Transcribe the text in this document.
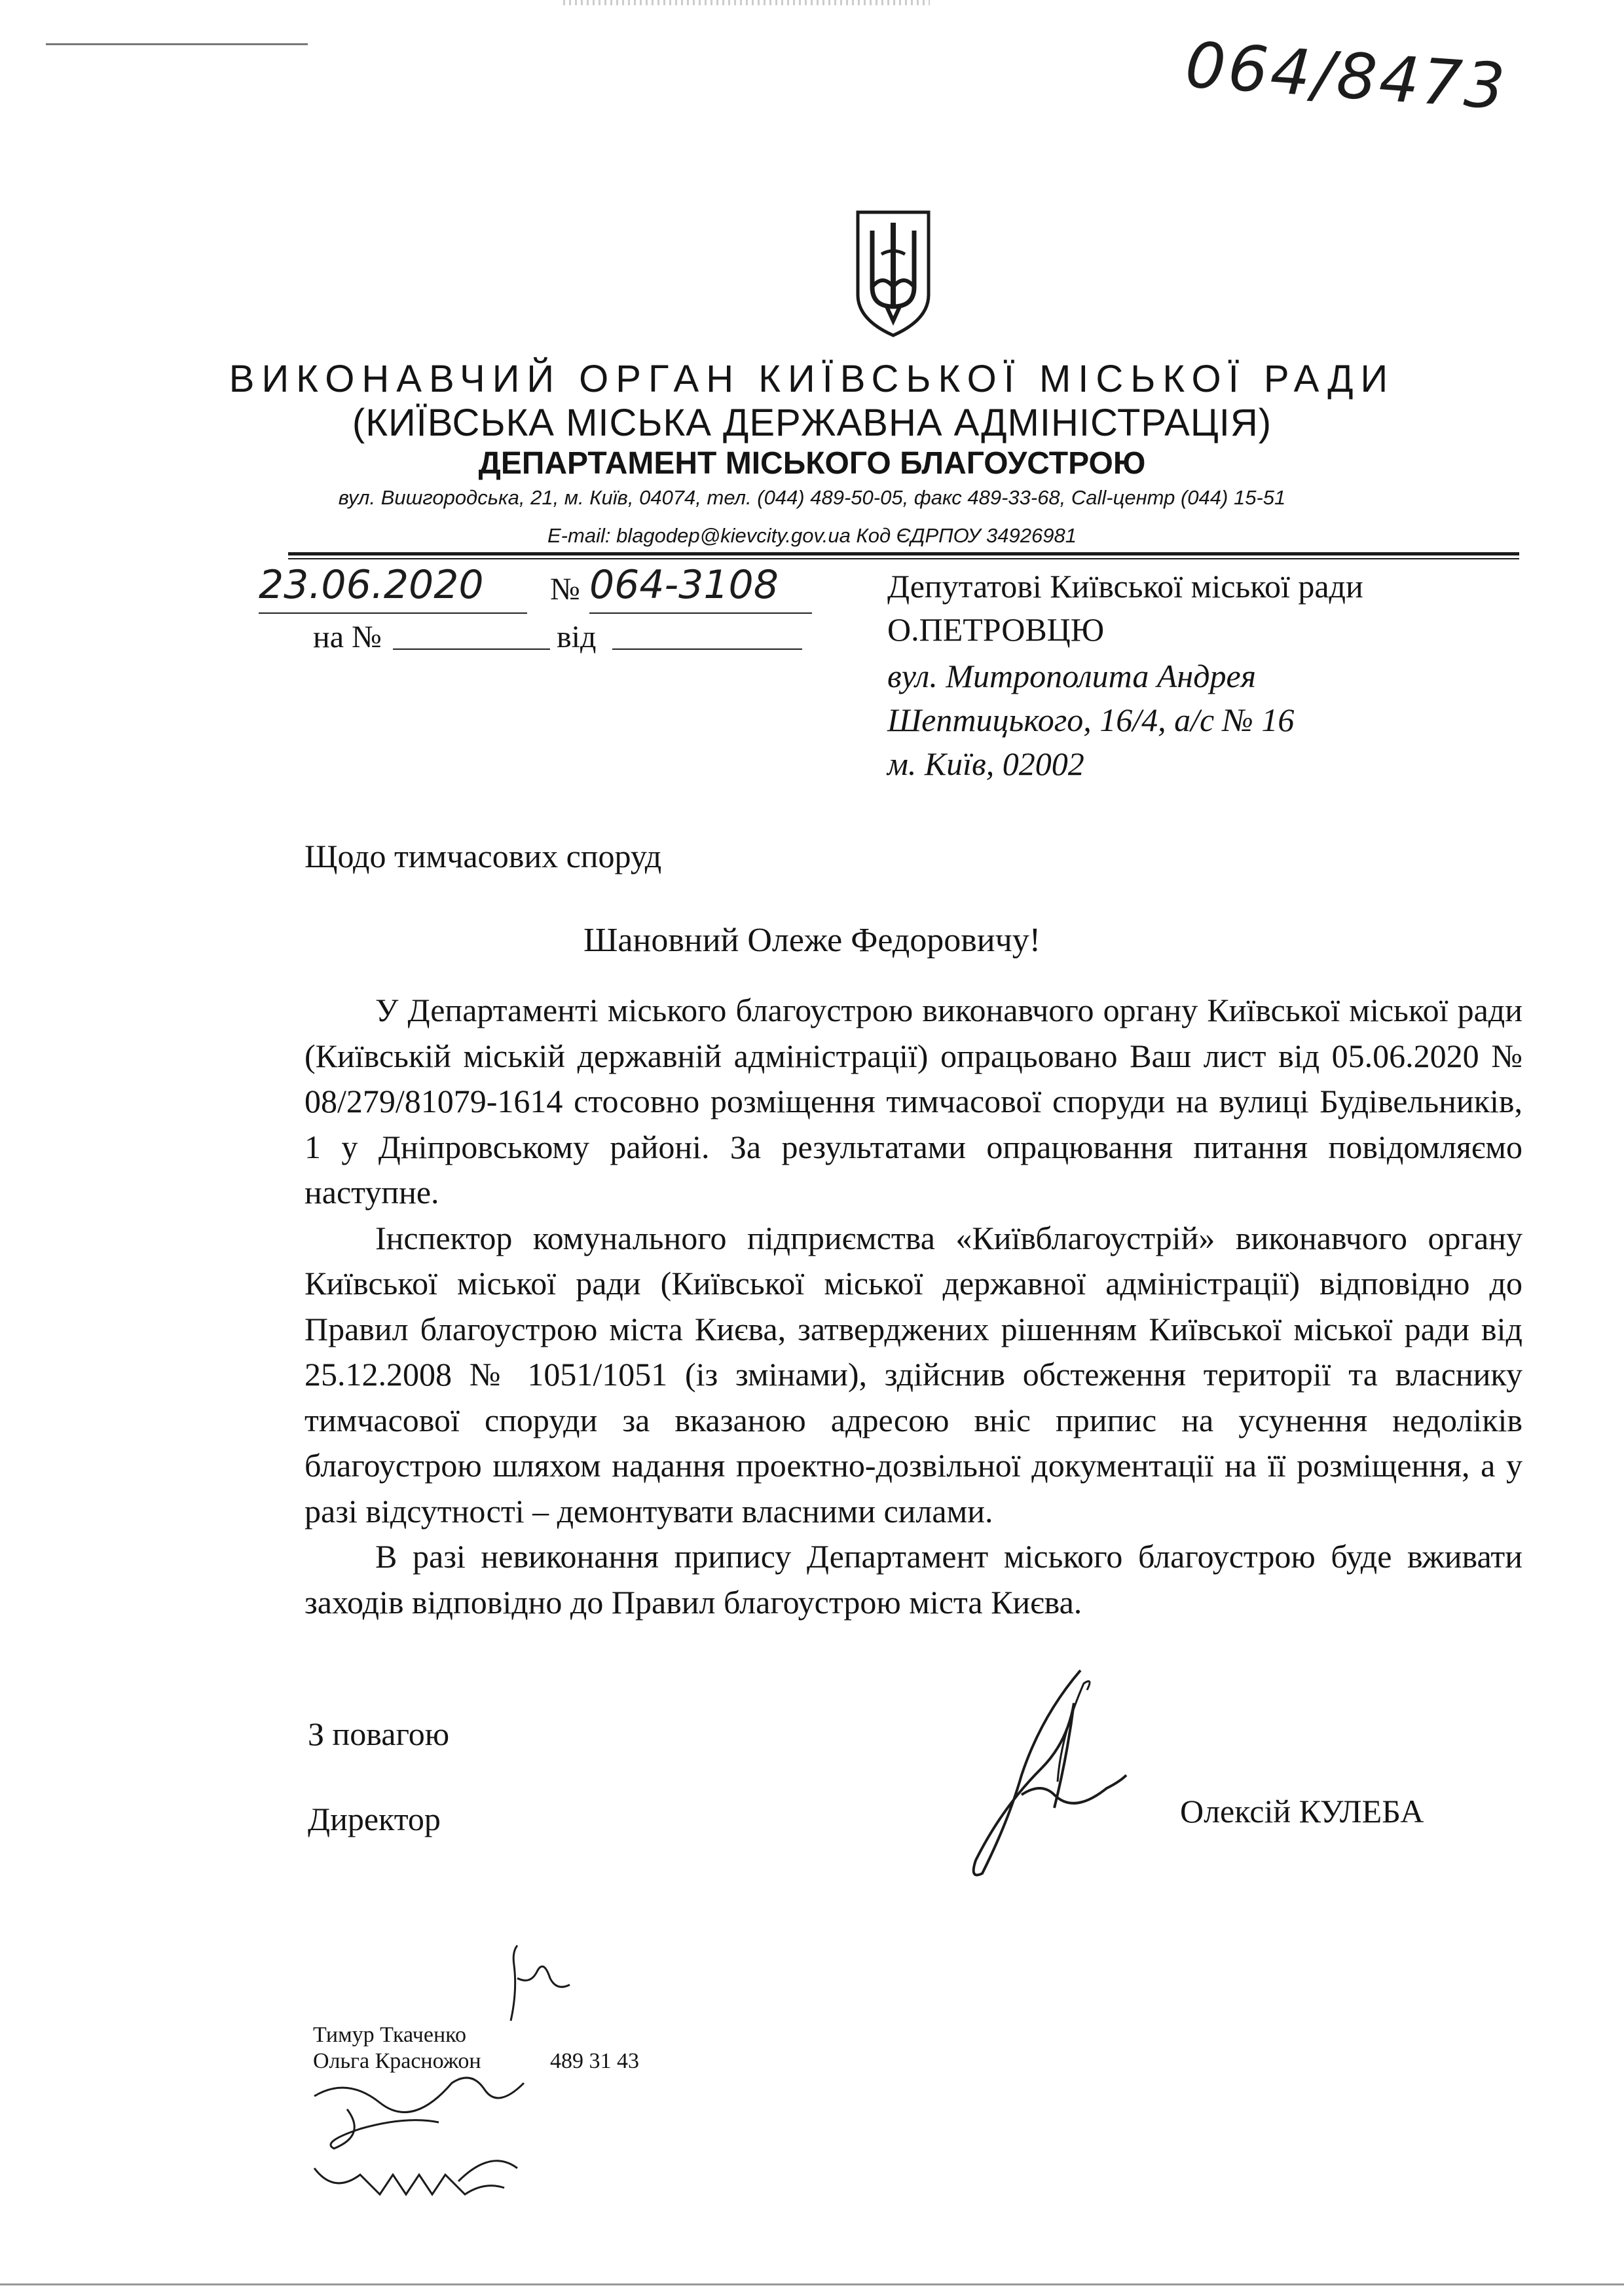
064/8473
ВИКОНАВЧИЙ ОРГАН КИЇВСЬКОЇ МІСЬКОЇ РАДИ
(КИЇВСЬКА МІСЬКА ДЕРЖАВНА АДМІНІСТРАЦІЯ)
ДЕПАРТАМЕНТ МІСЬКОГО БЛАГОУСТРОЮ
вул. Вишгородська, 21, м. Київ, 04074, тел. (044) 489-50-05, факс 489-33-68, Call-центр (044) 15-51
E-mail: blagodep@kievcity.gov.ua Код ЄДРПОУ 34926981
23.06.2020 № 064-3108
на №	від
Депутатові Київської міської ради
О.ПЕТРОВЦЮ
вул. Митрополита Андрея
Шептицького, 16/4, а/с № 16
м. Київ, 02002
Щодо тимчасових споруд
Шановний Олеже Федоровичу!

У Департаменті міського благоустрою виконавчого органу Київської міської ради (Київській міській державній адміністрації) опрацьовано Ваш лист від 05.06.2020 № 08/279/81079-1614 стосовно розміщення тимчасової споруди на вулиці Будівельників, 1 у Дніпровському районі. За результатами опрацювання питання повідомляємо наступне.

Інспектор комунального підприємства «Київблагоустрій» виконавчого органу Київської міської ради (Київської міської державної адміністрації) відповідно до Правил благоустрою міста Києва, затверджених рішенням Київської міської ради від 25.12.2008 № 1051/1051 (із змінами), здійснив обстеження території та власнику тимчасової споруди за вказаною адресою вніс припис на усунення недоліків благоустрою шляхом надання проектно-дозвільної документації на її розміщення, а у разі відсутності – демонтувати власними силами.

В разі невиконання припису Департамент міського благоустрою буде вживати заходів відповідно до Правил благоустрою міста Києва.

З повагою
Директор	Олексій КУЛЕБА
Тимур Ткаченко
Ольга Красножон	489 31 43
